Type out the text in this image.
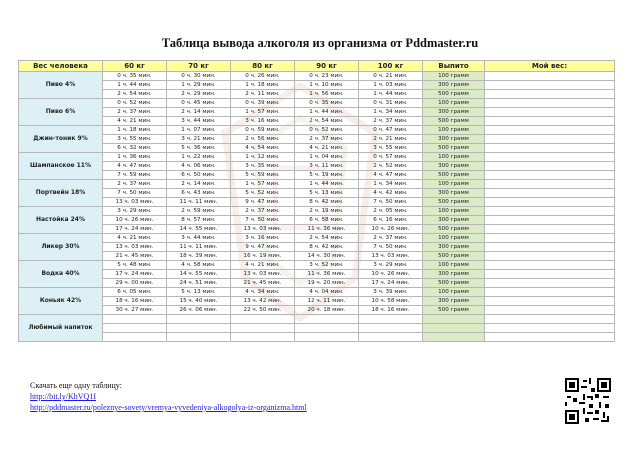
Таблица вывода алкоголя из организма от Pddmaster.ru
Вес человека	60 кг	70 кг	80 кг	90 кг	100 кг	Выпито	Мой вес:
Пиво 4%	0 ч. 35 мин.	0 ч. 30 мин.	0 ч. 26 мин.	0 ч. 23 мин.	0 ч. 21 мин.	100 грамм	
	1 ч. 44 мин.	1 ч. 29 мин.	1 ч. 18 мин.	1 ч. 10 мин.	1 ч. 03 мин.	300 грамм	
	2 ч. 54 мин.	2 ч. 29 мин.	2 ч. 11 мин.	1 ч. 56 мин.	1 ч. 44 мин.	500 грамм	
Пиво 6%	0 ч. 52 мин.	0 ч. 45 мин.	0 ч. 39 мин.	0 ч. 35 мин.	0 ч. 31 мин.	100 грамм	
	2 ч. 37 мин.	2 ч. 14 мин.	1 ч. 57 мин.	1 ч. 44 мин.	1 ч. 34 мин.	300 грамм	
	4 ч. 21 мин.	3 ч. 44 мин.	3 ч. 16 мин.	2 ч. 54 мин.	2 ч. 37 мин.	500 грамм	
Джин-тоник 9%	1 ч. 18 мин.	1 ч. 07 мин.	0 ч. 59 мин.	0 ч. 52 мин.	0 ч. 47 мин.	100 грамм	
	3 ч. 55 мин.	3 ч. 21 мин.	2 ч. 56 мин.	2 ч. 37 мин.	2 ч. 21 мин.	300 грамм	
	6 ч. 32 мин.	5 ч. 36 мин.	4 ч. 54 мин.	4 ч. 21 мин.	3 ч. 55 мин.	500 грамм	
Шампанское 11%	1 ч. 36 мин.	1 ч. 22 мин.	1 ч. 12 мин.	1 ч. 04 мин.	0 ч. 57 мин.	100 грамм	
	4 ч. 47 мин.	4 ч. 06 мин.	3 ч. 35 мин.	3 ч. 11 мин.	2 ч. 52 мин.	300 грамм	
	7 ч. 59 мин.	6 ч. 50 мин.	5 ч. 59 мин.	5 ч. 19 мин.	4 ч. 47 мин.	500 грамм	
Портвейн 18%	2 ч. 37 мин.	2 ч. 14 мин.	1 ч. 57 мин.	1 ч. 44 мин.	1 ч. 34 мин.	100 грамм	
	7 ч. 50 мин.	6 ч. 43 мин.	5 ч. 52 мин.	5 ч. 13 мин.	4 ч. 42 мин.	300 грамм	
	13 ч. 03 мин.	11 ч. 11 мин.	9 ч. 47 мин.	8 ч. 42 мин.	7 ч. 50 мин.	500 грамм	
Настойка 24%	3 ч. 29 мин.	2 ч. 59 мин.	2 ч. 37 мин.	2 ч. 19 мин.	2 ч. 05 мин.	100 грамм	
	10 ч. 26 мин.	8 ч. 57 мин.	7 ч. 50 мин.	6 ч. 58 мин.	6 ч. 16 мин.	300 грамм	
	17 ч. 24 мин.	14 ч. 55 мин.	13 ч. 03 мин.	11 ч. 36 мин.	10 ч. 26 мин.	500 грамм	
Ликер 30%	4 ч. 21 мин.	3 ч. 44 мин.	3 ч. 16 мин.	2 ч. 54 мин.	2 ч. 37 мин.	100 грамм	
	13 ч. 03 мин.	11 ч. 11 мин.	9 ч. 47 мин.	8 ч. 42 мин.	7 ч. 50 мин.	300 грамм	
	21 ч. 45 мин.	18 ч. 39 мин.	16 ч. 19 мин.	14 ч. 30 мин.	13 ч. 03 мин.	500 грамм	
Водка 40%	5 ч. 48 мин.	4 ч. 58 мин.	4 ч. 21 мин.	3 ч. 52 мин.	3 ч. 29 мин.	100 грамм	
	17 ч. 24 мин.	14 ч. 55 мин.	13 ч. 03 мин.	11 ч. 36 мин.	10 ч. 26 мин.	300 грамм	
	29 ч. 00 мин.	24 ч. 51 мин.	21 ч. 45 мин.	19 ч. 20 мин.	17 ч. 24 мин.	500 грамм	
Коньяк 42%	6 ч. 05 мин.	5 ч. 13 мин.	4 ч. 34 мин.	4 ч. 04 мин.	3 ч. 39 мин.	100 грамм	
	18 ч. 16 мин.	15 ч. 40 мин.	13 ч. 42 мин.	12 ч. 11 мин.	10 ч. 58 мин.	300 грамм	
	30 ч. 27 мин.	26 ч. 06 мин.	22 ч. 50 мин.	20 ч. 18 мин.	18 ч. 16 мин.	500 грамм	
Любимый напиток							

Скачать еще одну таблицу:
http://bit.ly/KhVQ1I
http://pddmaster.ru/poleznye-sovety/vremya-vyvedeniya-alkogolya-iz-organizma.html
